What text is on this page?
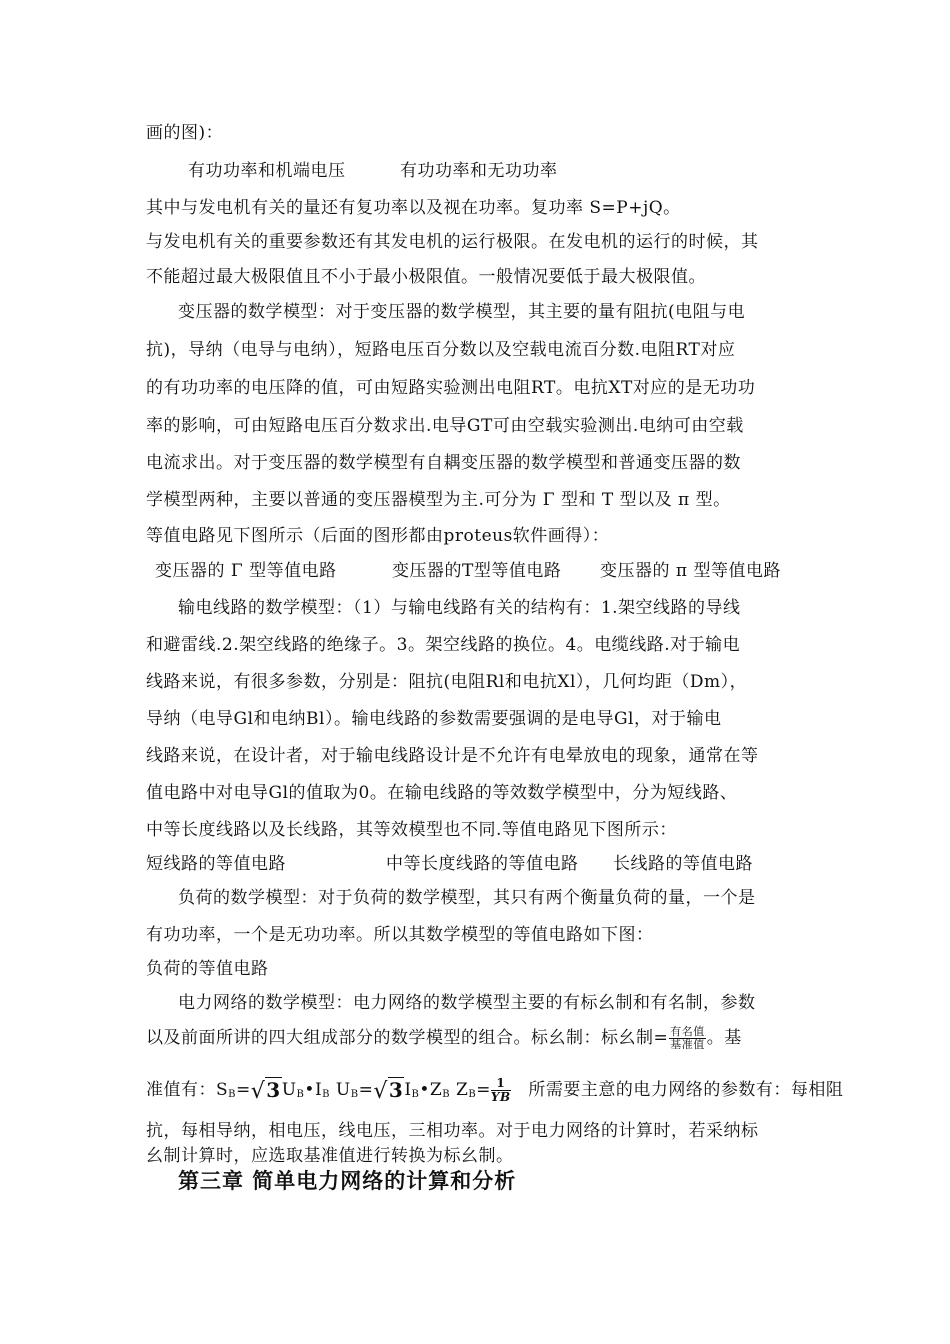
画的图)：
有功功率和机端电压	有功功率和无功功率
其中与发电机有关的量还有复功率以及视在功率。复功率 S=P+jQ。
与发电机有关的重要参数还有其发电机的运行极限。在发电机的运行的时候，其
不能超过最大极限值且不小于最小极限值。一般情况要低于最大极限值。
变压器的数学模型：对于变压器的数学模型，其主要的量有阻抗(电阻与电
抗)，导纳（电导与电纳），短路电压百分数以及空载电流百分数.电阻RT对应
的有功功率的电压降的值，可由短路实验测出电阻RT。电抗XT对应的是无功功
率的影响，可由短路电压百分数求出.电导GT可由空载实验测出.电纳可由空载
电流求出。对于变压器的数学模型有自耦变压器的数学模型和普通变压器的数
学模型两种，主要以普通的变压器模型为主.可分为 Γ 型和 T 型以及 π 型。
等值电路见下图所示（后面的图形都由proteus软件画得）：
变压器的 Γ 型等值电路	变压器的T型等值电路 变压器的 π 型等值电路
输电线路的数学模型：（1）与输电线路有关的结构有：1.架空线路的导线
和避雷线.2.架空线路的绝缘子。3。架空线路的换位。4。电缆线路.对于输电
线路来说，有很多参数，分别是：阻抗(电阻Rl和电抗Xl），几何均距（Dm），
导纳（电导Gl和电纳Bl）。输电线路的参数需要强调的是电导Gl，对于输电
线路来说，在设计者，对于输电线路设计是不允许有电晕放电的现象，通常在等
值电路中对电导Gl的值取为0。在输电线路的等效数学模型中，分为短线路、
中等长度线路以及长线路，其等效模型也不同.等值电路见下图所示：
短线路的等值电路	中等长度线路的等值电路 长线路的等值电路
负荷的数学模型：对于负荷的数学模型，其只有两个衡量负荷的量，一个是
有功功率，一个是无功功率。所以其数学模型的等值电路如下图：
负荷的等值电路
电力网络的数学模型：电力网络的数学模型主要的有标幺制和有名制，参数
以及前面所讲的四大组成部分的数学模型的组合。标幺制：标幺制= $\frac{\text{有名值}}{\text{基准值}}$ 。基
准值有：$S_B=√3U_B•I_B$ $U_B=√3I_B•Z_B$ $Z_B= \frac{1}{YB}$ 所需要主意的电力网络的参数有：每相阻
抗，每相导纳，相电压，线电压，三相功率。对于电力网络的计算时，若采纳标
幺制计算时，应选取基准值进行转换为标幺制。
第三章 简单电力网络的计算和分析
